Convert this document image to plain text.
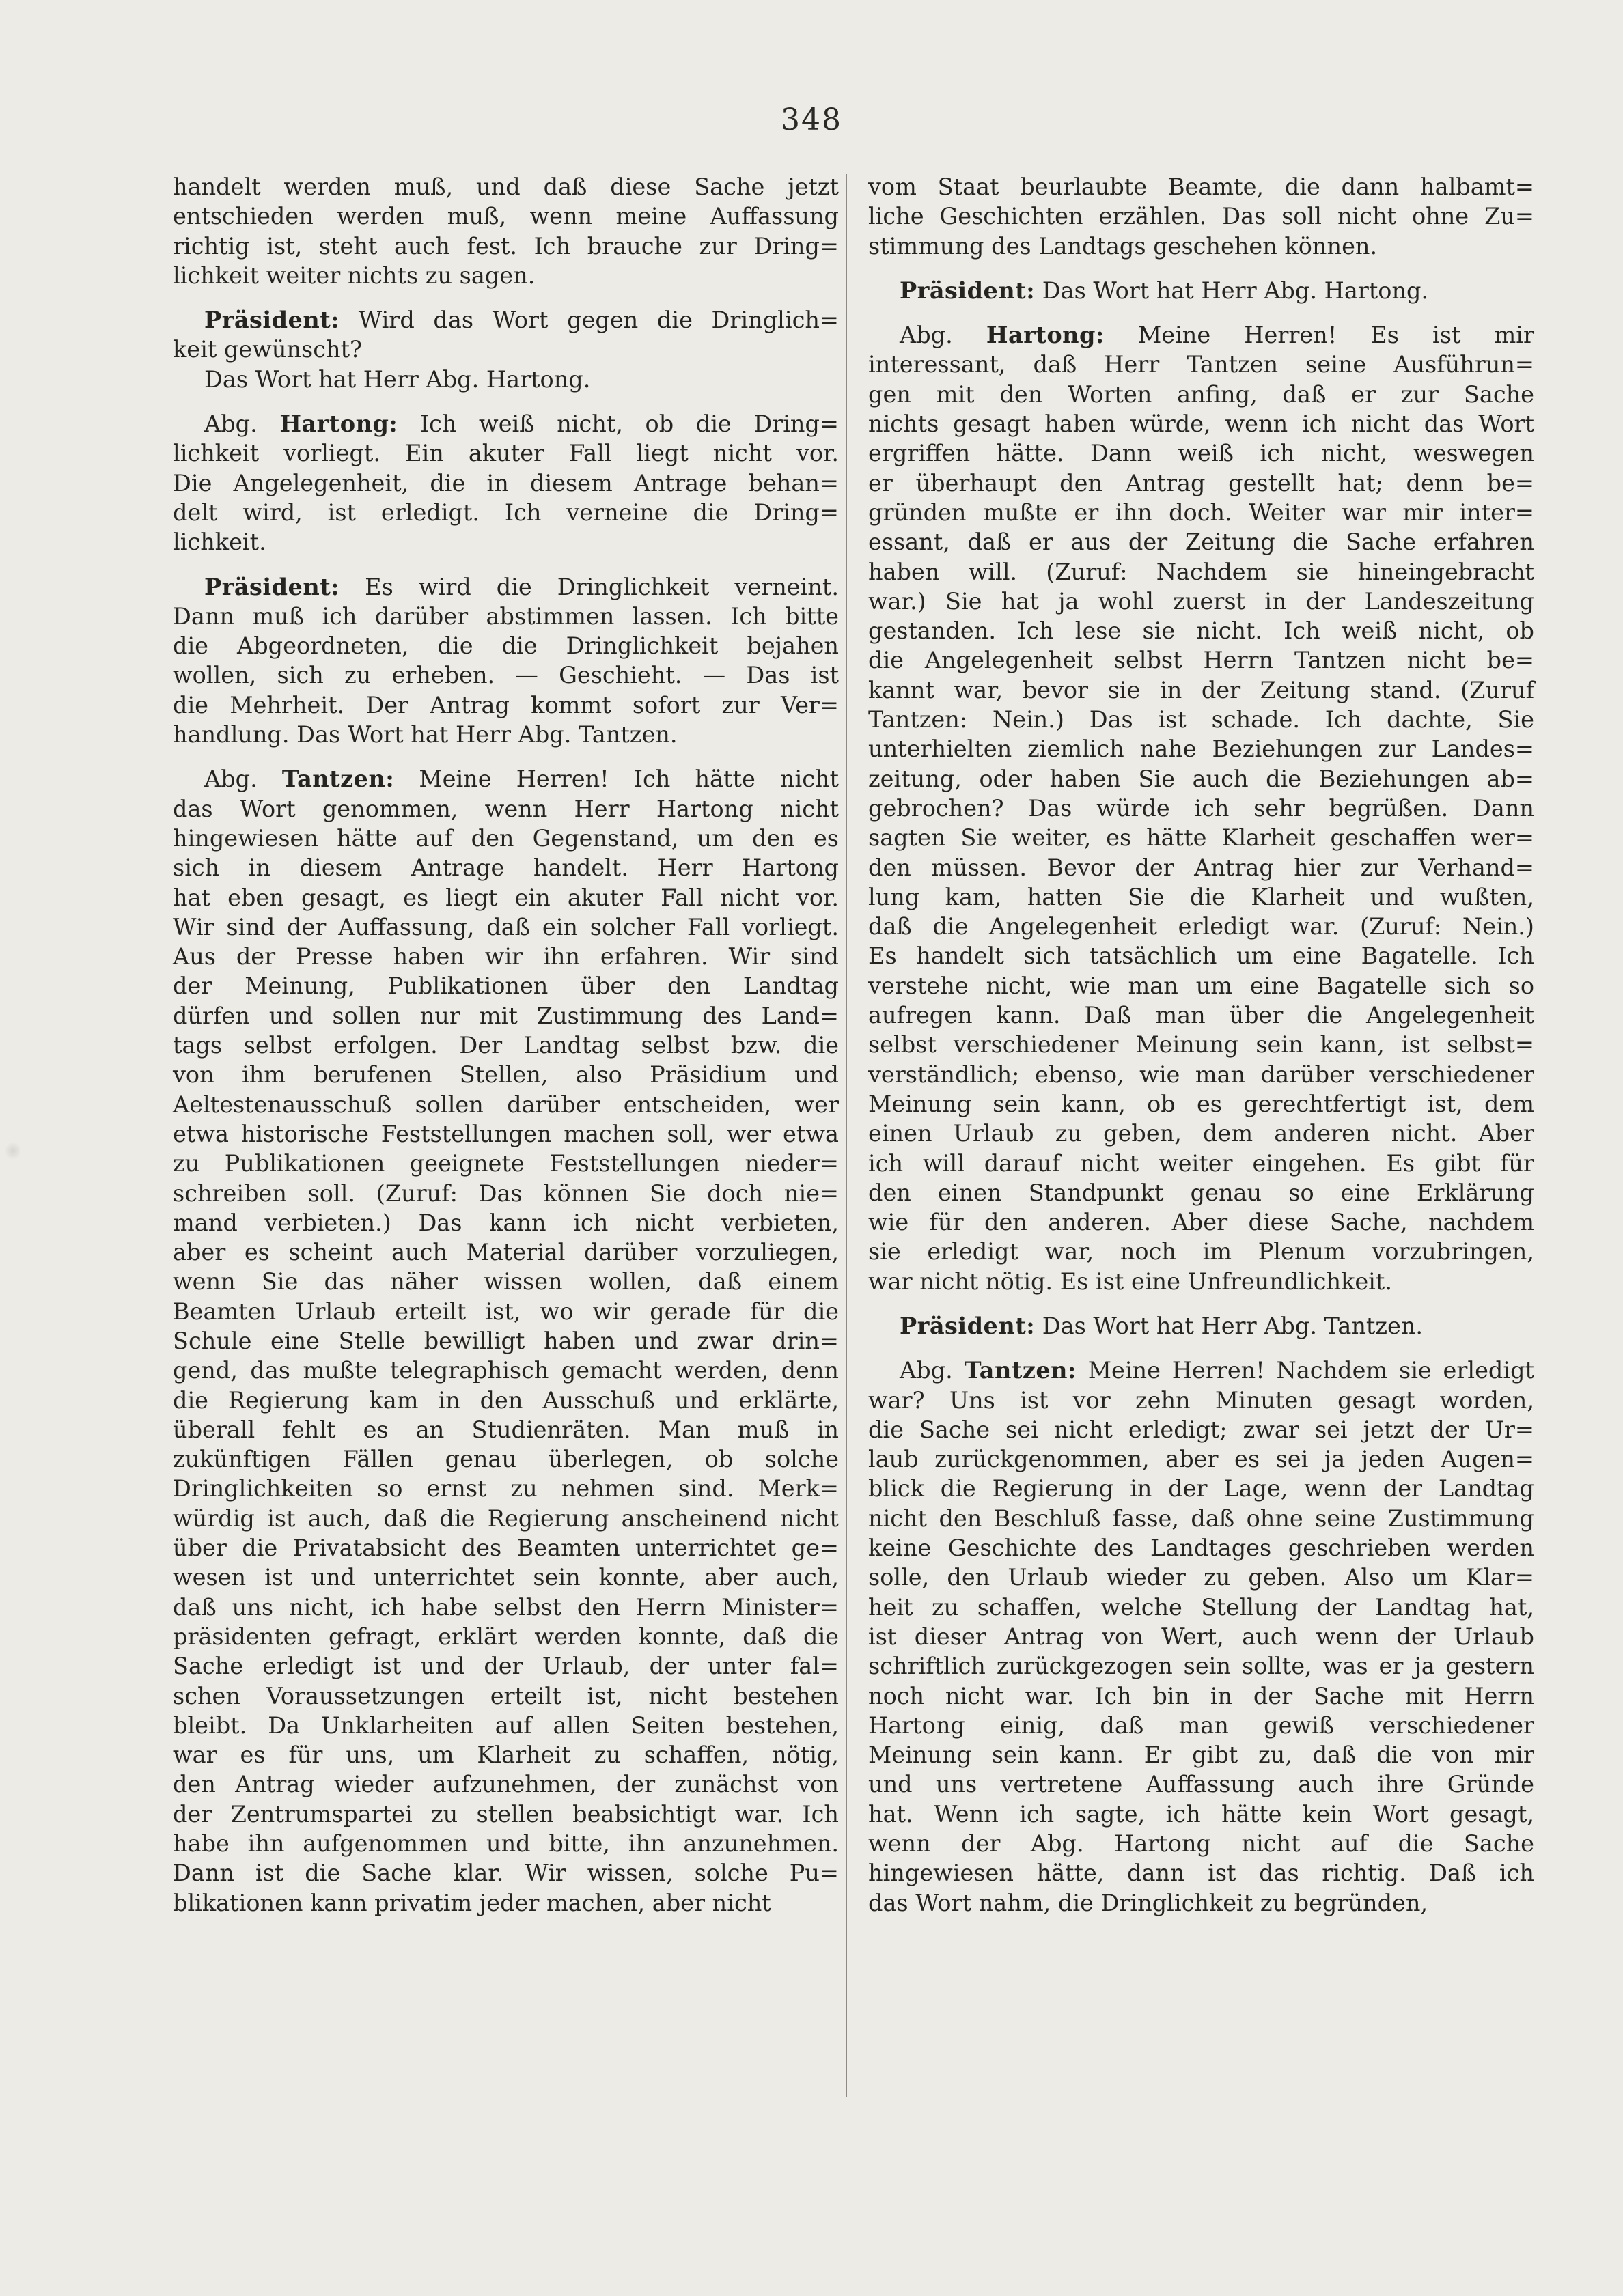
348
handelt werden muß, und daß diese Sache jetzt
entschieden werden muß, wenn meine Auffassung
richtig ist, steht auch fest. Ich brauche zur Dring=
lichkeit weiter nichts zu sagen.
Präsident: Wird das Wort gegen die Dringlich=
keit gewünscht?
Das Wort hat Herr Abg. Hartong.
Abg. Hartong: Ich weiß nicht, ob die Dring=
lichkeit vorliegt. Ein akuter Fall liegt nicht vor.
Die Angelegenheit, die in diesem Antrage behan=
delt wird, ist erledigt. Ich verneine die Dring=
lichkeit.
Präsident: Es wird die Dringlichkeit verneint.
Dann muß ich darüber abstimmen lassen. Ich bitte
die Abgeordneten, die die Dringlichkeit bejahen
wollen, sich zu erheben. — Geschieht. — Das ist
die Mehrheit. Der Antrag kommt sofort zur Ver=
handlung. Das Wort hat Herr Abg. Tantzen.
Abg. Tantzen: Meine Herren! Ich hätte nicht
das Wort genommen, wenn Herr Hartong nicht
hingewiesen hätte auf den Gegenstand, um den es
sich in diesem Antrage handelt. Herr Hartong
hat eben gesagt, es liegt ein akuter Fall nicht vor.
Wir sind der Auffassung, daß ein solcher Fall vorliegt.
Aus der Presse haben wir ihn erfahren. Wir sind
der Meinung, Publikationen über den Landtag
dürfen und sollen nur mit Zustimmung des Land=
tags selbst erfolgen. Der Landtag selbst bzw. die
von ihm berufenen Stellen, also Präsidium und
Aeltestenausschuß sollen darüber entscheiden, wer
etwa historische Feststellungen machen soll, wer etwa
zu Publikationen geeignete Feststellungen nieder=
schreiben soll. (Zuruf: Das können Sie doch nie=
mand verbieten.) Das kann ich nicht verbieten,
aber es scheint auch Material darüber vorzuliegen,
wenn Sie das näher wissen wollen, daß einem
Beamten Urlaub erteilt ist, wo wir gerade für die
Schule eine Stelle bewilligt haben und zwar drin=
gend, das mußte telegraphisch gemacht werden, denn
die Regierung kam in den Ausschuß und erklärte,
überall fehlt es an Studienräten. Man muß in
zukünftigen Fällen genau überlegen, ob solche
Dringlichkeiten so ernst zu nehmen sind. Merk=
würdig ist auch, daß die Regierung anscheinend nicht
über die Privatabsicht des Beamten unterrichtet ge=
wesen ist und unterrichtet sein konnte, aber auch,
daß uns nicht, ich habe selbst den Herrn Minister=
präsidenten gefragt, erklärt werden konnte, daß die
Sache erledigt ist und der Urlaub, der unter fal=
schen Voraussetzungen erteilt ist, nicht bestehen
bleibt. Da Unklarheiten auf allen Seiten bestehen,
war es für uns, um Klarheit zu schaffen, nötig,
den Antrag wieder aufzunehmen, der zunächst von
der Zentrumspartei zu stellen beabsichtigt war. Ich
habe ihn aufgenommen und bitte, ihn anzunehmen.
Dann ist die Sache klar. Wir wissen, solche Pu=
blikationen kann privatim jeder machen, aber nicht
vom Staat beurlaubte Beamte, die dann halbamt=
liche Geschichten erzählen. Das soll nicht ohne Zu=
stimmung des Landtags geschehen können.
Präsident: Das Wort hat Herr Abg. Hartong.
Abg. Hartong: Meine Herren! Es ist mir
interessant, daß Herr Tantzen seine Ausführun=
gen mit den Worten anfing, daß er zur Sache
nichts gesagt haben würde, wenn ich nicht das Wort
ergriffen hätte. Dann weiß ich nicht, weswegen
er überhaupt den Antrag gestellt hat; denn be=
gründen mußte er ihn doch. Weiter war mir inter=
essant, daß er aus der Zeitung die Sache erfahren
haben will. (Zuruf: Nachdem sie hineingebracht
war.) Sie hat ja wohl zuerst in der Landeszeitung
gestanden. Ich lese sie nicht. Ich weiß nicht, ob
die Angelegenheit selbst Herrn Tantzen nicht be=
kannt war, bevor sie in der Zeitung stand. (Zuruf
Tantzen: Nein.) Das ist schade. Ich dachte, Sie
unterhielten ziemlich nahe Beziehungen zur Landes=
zeitung, oder haben Sie auch die Beziehungen ab=
gebrochen? Das würde ich sehr begrüßen. Dann
sagten Sie weiter, es hätte Klarheit geschaffen wer=
den müssen. Bevor der Antrag hier zur Verhand=
lung kam, hatten Sie die Klarheit und wußten,
daß die Angelegenheit erledigt war. (Zuruf: Nein.)
Es handelt sich tatsächlich um eine Bagatelle. Ich
verstehe nicht, wie man um eine Bagatelle sich so
aufregen kann. Daß man über die Angelegenheit
selbst verschiedener Meinung sein kann, ist selbst=
verständlich; ebenso, wie man darüber verschiedener
Meinung sein kann, ob es gerechtfertigt ist, dem
einen Urlaub zu geben, dem anderen nicht. Aber
ich will darauf nicht weiter eingehen. Es gibt für
den einen Standpunkt genau so eine Erklärung
wie für den anderen. Aber diese Sache, nachdem
sie erledigt war, noch im Plenum vorzubringen,
war nicht nötig. Es ist eine Unfreundlichkeit.
Präsident: Das Wort hat Herr Abg. Tantzen.
Abg. Tantzen: Meine Herren! Nachdem sie erledigt
war? Uns ist vor zehn Minuten gesagt worden,
die Sache sei nicht erledigt; zwar sei jetzt der Ur=
laub zurückgenommen, aber es sei ja jeden Augen=
blick die Regierung in der Lage, wenn der Landtag
nicht den Beschluß fasse, daß ohne seine Zustimmung
keine Geschichte des Landtages geschrieben werden
solle, den Urlaub wieder zu geben. Also um Klar=
heit zu schaffen, welche Stellung der Landtag hat,
ist dieser Antrag von Wert, auch wenn der Urlaub
schriftlich zurückgezogen sein sollte, was er ja gestern
noch nicht war. Ich bin in der Sache mit Herrn
Hartong einig, daß man gewiß verschiedener
Meinung sein kann. Er gibt zu, daß die von mir
und uns vertretene Auffassung auch ihre Gründe
hat. Wenn ich sagte, ich hätte kein Wort gesagt,
wenn der Abg. Hartong nicht auf die Sache
hingewiesen hätte, dann ist das richtig. Daß ich
das Wort nahm, die Dringlichkeit zu begründen,
